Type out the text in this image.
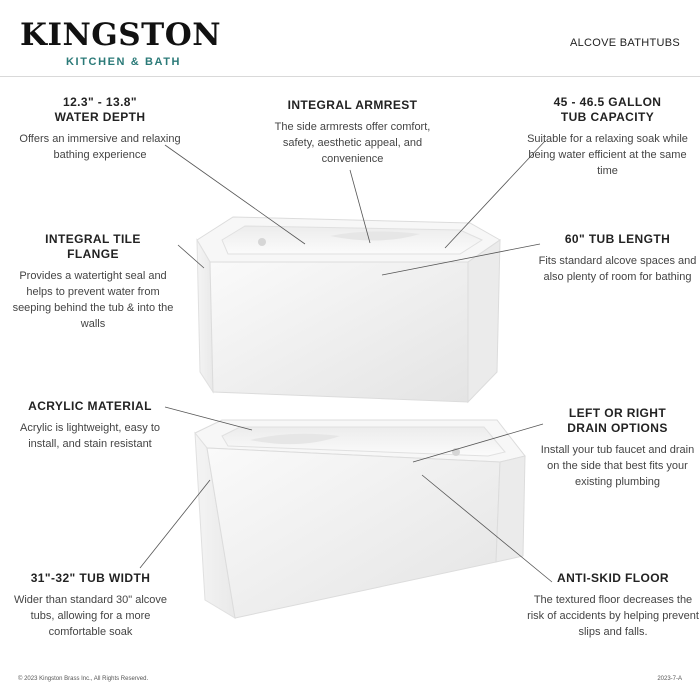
KINGSTON
KITCHEN & BATH
ALCOVE BATHTUBS
12.3" - 13.8"
WATER DEPTH

Offers an immersive and relaxing bathing experience

INTEGRAL ARMREST

The side armrests offer comfort, safety, aesthetic appeal, and convenience

45 - 46.5 GALLON
TUB CAPACITY

Suitable for a relaxing soak while being water efficient at the same time

INTEGRAL TILE
FLANGE

Provides a watertight seal and helps to prevent water from seeping behind the tub & into the walls

60" TUB LENGTH

Fits standard alcove spaces and also plenty of room for bathing

ACRYLIC MATERIAL

Acrylic is lightweight, easy to install, and stain resistant

LEFT OR RIGHT
DRAIN OPTIONS

Install your tub faucet and drain on the side that best fits your existing plumbing

31"-32" TUB WIDTH

Wider than standard 30" alcove tubs, allowing for a more comfortable soak

ANTI-SKID FLOOR

The textured floor decreases the risk of accidents by helping prevent slips and falls.

© 2023 Kingston Brass Inc., All Rights Reserved.	2023-7-A
